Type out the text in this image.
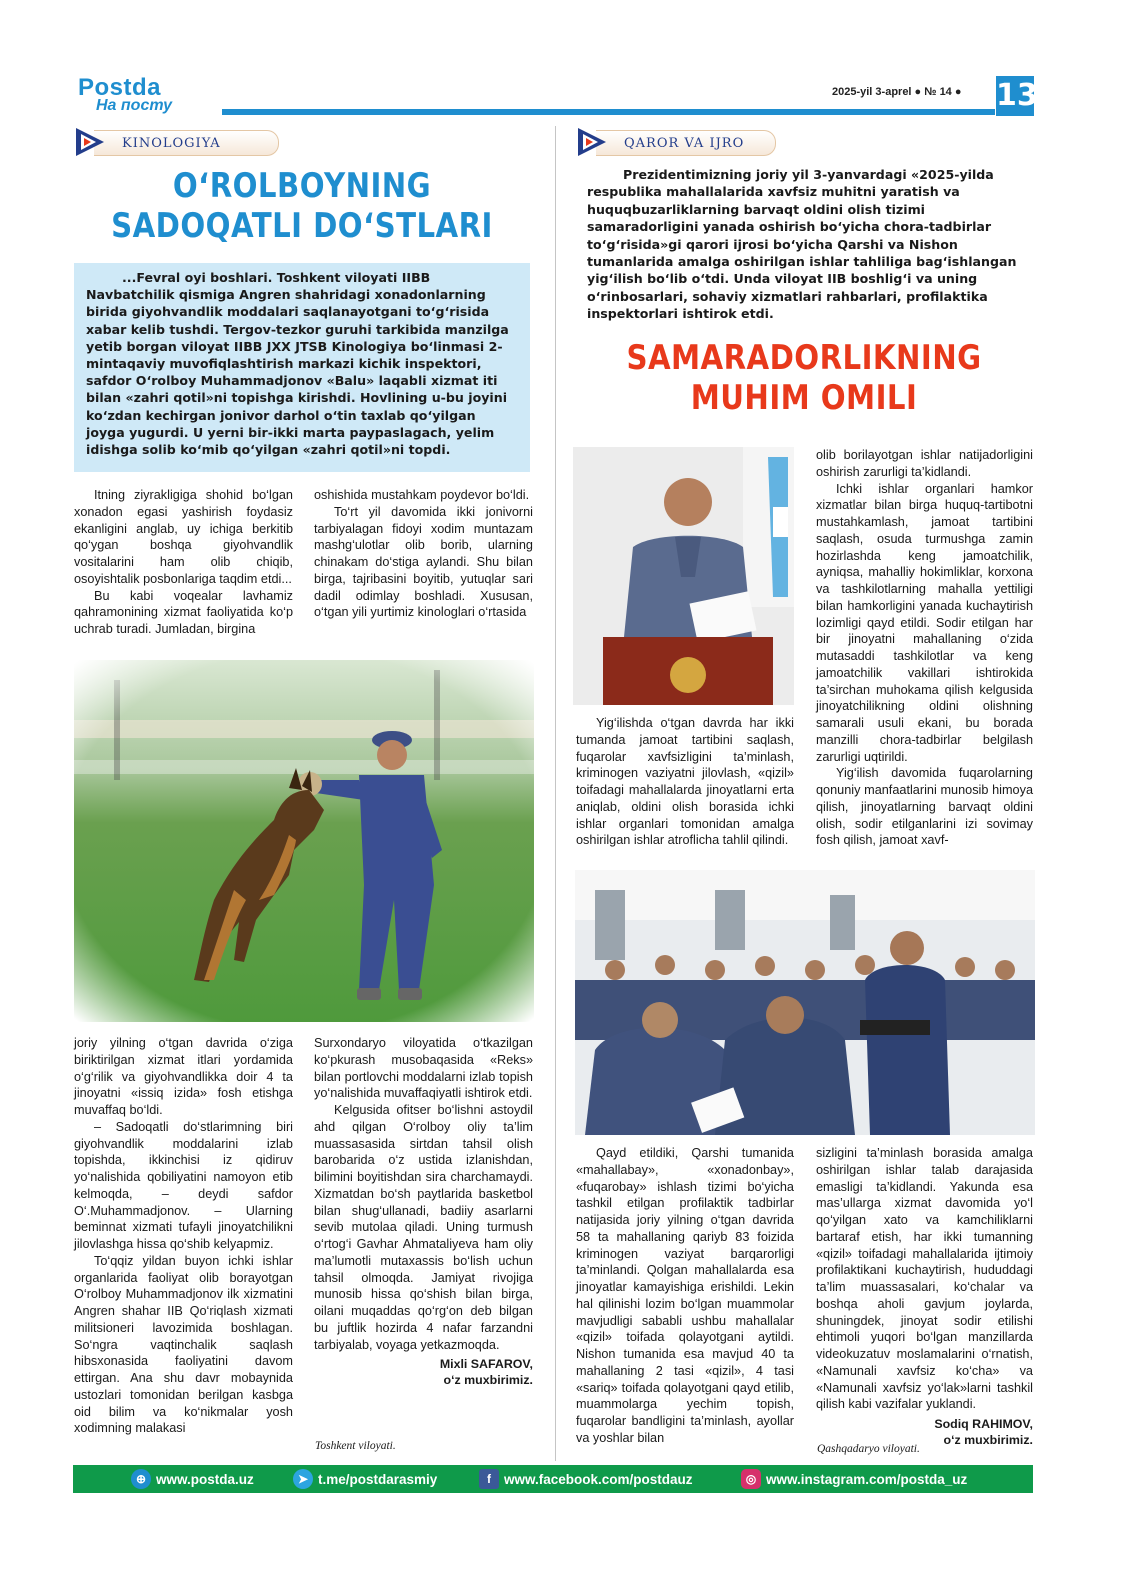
Postda
На посту
2025-yil 3-aprel ● № 14 ● 13
KINOLOGIYA
O‘ROLBOYNING
SADOQATLI DO‘STLARI
...Fevral oyi boshlari. Toshkent viloyati IIBB Navbatchilik qismiga Angren shahridagi xonadonlarning birida giyohvandlik moddalari saqlanayotgani to‘g‘risida xabar kelib tushdi. Tergov-tezkor guruhi tarkibida manzilga yetib borgan viloyat IIBB JXX JTSB Kinologiya bo‘linmasi 2-mintaqaviy muvofiqlashtirish markazi kichik inspektori, safdor O‘rolboy Muhammadjonov «Balu» laqabli xizmat iti bilan «zahri qotil»ni topishga kirishdi. Hovlining u-bu joyini ko‘zdan kechirgan jonivor darhol o‘tin taxlab qo‘yilgan joyga yugurdi. U yerni bir-ikki marta paypaslagach, yelim idishga solib ko‘mib qo‘yilgan «zahri qotil»ni topdi.

Itning ziyrakligiga shohid bo‘lgan xonadon egasi yashirish foydasiz ekanligini anglab, uy ichiga berkitib qo‘ygan boshqa giyohvandlik vositalarini ham olib chiqib, osoyishtalik posbonlariga taqdim etdi...

Bu kabi voqealar lavhamiz qahramonining xizmat faoliyatida ko‘p uchrab turadi. Jumladan, birgina

oshishida mustahkam poydevor bo‘ldi.

To‘rt yil davomida ikki jonivorni tarbiyalagan fidoyi xodim muntazam mashg‘ulotlar olib borib, ularning chinakam do‘stiga aylandi. Shu bilan birga, tajribasini boyitib, yutuqlar sari dadil odimlay boshladi. Xususan, o‘tgan yili yurtimiz kinologlari o‘rtasida

joriy yilning o‘tgan davrida o‘ziga biriktirilgan xizmat itlari yordamida o‘g‘rilik va giyohvandlikka doir 4 ta jinoyatni «issiq izida» fosh etishga muvaffaq bo‘ldi.

– Sadoqatli do‘stlarimning biri giyohvandlik moddalarini izlab topishda, ikkinchisi iz qidiruv yo‘nalishida qobiliyatini namoyon etib kelmoqda, – deydi safdor O‘.Muhammadjonov. – Ularning beminnat xizmati tufayli jinoyatchilikni jilovlashga hissa qo‘shib kelyapmiz.

To‘qqiz yildan buyon ichki ishlar organlarida faoliyat olib borayotgan O‘rolboy Muhammadjonov ilk xizmatini Angren shahar IIB Qo‘riqlash xizmati militsioneri lavozimida boshlagan. So‘ngra vaqtinchalik saqlash hibsxonasida faoliyatini davom ettirgan. Ana shu davr mobaynida ustozlari tomonidan berilgan kasbga oid bilim va ko‘nikmalar yosh xodimning malakasi

Surxondaryo viloyatida o‘tkazilgan ko‘pkurash musobaqasida «Reks» bilan portlovchi moddalarni izlab topish yo‘nalishida muvaffaqiyatli ishtirok etdi.

Kelgusida ofitser bo‘lishni astoydil ahd qilgan O‘rolboy oliy ta’lim muassasasida sirtdan tahsil olish barobarida o‘z ustida izlanishdan, bilimini boyitishdan sira charchamaydi. Xizmatdan bo‘sh paytlarida basketbol bilan shug‘ullanadi, badiiy asarlarni sevib mutolaa qiladi. Uning turmush o‘rtog‘i Gavhar Ahmataliyeva ham oliy ma’lumotli mutaxassis bo‘lish uchun tahsil olmoqda. Jamiyat rivojiga munosib hissa qo‘shish bilan birga, oilani muqaddas qo‘rg‘on deb bilgan bu juftlik hozirda 4 nafar farzandni tarbiyalab, voyaga yetkazmoqda.

Mixli SAFAROV,
o‘z muxbirimiz.
Toshkent viloyati.
QAROR VA IJRO
Prezidentimizning joriy yil 3-yanvardagi «2025-yilda respublika mahallalarida xavfsiz muhitni yaratish va huquqbuzarliklarning barvaqt oldini olish tizimi samaradorligini yanada oshirish bo‘yicha chora-tadbirlar to‘g‘risida»gi qarori ijrosi bo‘yicha Qarshi va Nishon tumanlarida amalga oshirilgan ishlar tahliliga bag‘ishlangan yig‘ilish bo‘lib o‘tdi. Unda viloyat IIB boshlig‘i va uning o‘rinbosarlari, sohaviy xizmatlari rahbarlari, profilaktika inspektorlari ishtirok etdi.
SAMARADORLIKNING
MUHIM OMILI

Yig‘ilishda o‘tgan davrda har ikki tumanda jamoat tartibini saqlash, fuqarolar xavfsizligini ta’minlash, kriminogen vaziyatni jilovlash, «qizil» toifadagi mahallalarda jinoyatlarni erta aniqlab, oldini olish borasida ichki ishlar organlari tomonidan amalga oshirilgan ishlar atroflicha tahlil qilindi.

olib borilayotgan ishlar natijadorligini oshirish zarurligi ta’kidlandi.

Ichki ishlar organlari hamkor xizmatlar bilan birga huquq-tartibotni mustahkamlash, jamoat tartibini saqlash, osuda turmushga zamin hozirlashda keng jamoatchilik, ayniqsa, mahalliy hokimliklar, korxona va tashkilotlarning mahalla yettiligi bilan hamkorligini yanada kuchaytirish lozimligi qayd etildi. Sodir etilgan har bir jinoyatni mahallaning o‘zida mutasaddi tashkilotlar va keng jamoatchilik vakillari ishtirokida ta’sirchan muhokama qilish kelgusida jinoyatchilikning oldini olishning samarali usuli ekani, bu borada manzilli chora-tadbirlar belgilash zarurligi uqtirildi.

Yig‘ilish davomida fuqarolarning qonuniy manfaatlarini munosib himoya qilish, jinoyatlarning barvaqt oldini olish, sodir etilganlarini izi sovimay fosh qilish, jamoat xavf-

Qayd etildiki, Qarshi tumanida «mahallabay», «xonadonbay», «fuqarobay» ishlash tizimi bo‘yicha tashkil etilgan profilaktik tadbirlar natijasida joriy yilning o‘tgan davrida 58 ta mahallaning qariyb 83 foizida kriminogen vaziyat barqarorligi ta’minlandi. Qolgan mahallalarda esa jinoyatlar kamayishiga erishildi. Lekin hal qilinishi lozim bo‘lgan muammolar mavjudligi sababli ushbu mahallalar «qizil» toifada qolayotgani aytildi. Nishon tumanida esa mavjud 40 ta mahallaning 2 tasi «qizil», 4 tasi «sariq» toifada qolayotgani qayd etilib, muammolarga yechim topish, fuqarolar bandligini ta’minlash, ayollar va yoshlar bilan

sizligini ta’minlash borasida amalga oshirilgan ishlar talab darajasida emasligi ta’kidlandi. Yakunda esa mas’ullarga xizmat davomida yo‘l qo‘yilgan xato va kamchiliklarni bartaraf etish, har ikki tumanning «qizil» toifadagi mahallalarida ijtimoiy profilaktikani kuchaytirish, hududdagi ta’lim muassasalari, ko‘chalar va boshqa aholi gavjum joylarda, shuningdek, jinoyat sodir etilishi ehtimoli yuqori bo‘lgan manzillarda videokuzatuv moslamalarini o‘rnatish, «Namunali xavfsiz ko‘cha» va «Namunali xavfsiz yo‘lak»larni tashkil qilish kabi vazifalar yuklandi.

Sodiq RAHIMOV,
o‘z muxbirimiz.
Qashqadaryo viloyati.
⊕ www.postda.uz	➤ t.me/postdarasmiy	f www.facebook.com/postdauz	◎ www.instagram.com/postda_uz
